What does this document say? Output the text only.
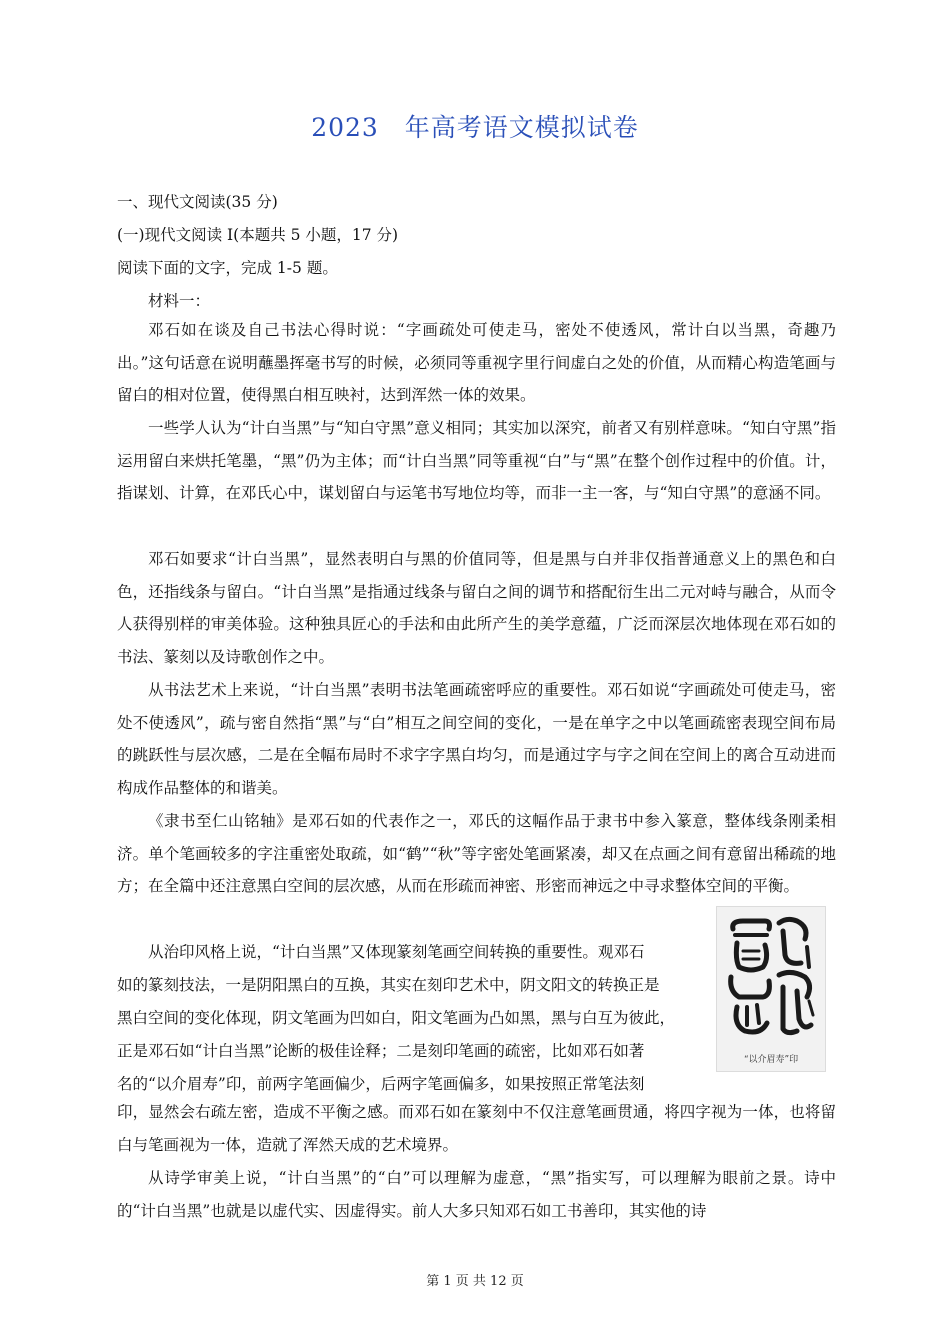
2023　年高考语文模拟试卷
一、现代文阅读(35 分)
(一)现代文阅读 I(本题共 5 小题，17 分)
阅读下面的文字，完成 1-5 题。
材料一：
邓石如在谈及自己书法心得时说：“字画疏处可使走马，密处不使透风，常计白以当黑，奇趣乃出。”这句话意在说明蘸墨挥毫书写的时候，必须同等重视字里行间虚白之处的价值，从而精心构造笔画与留白的相对位置，使得黑白相互映衬，达到浑然一体的效果。
一些学人认为“计白当黑”与“知白守黑”意义相同；其实加以深究，前者又有别样意味。“知白守黑”指运用留白来烘托笔墨，“黑”仍为主体；而“计白当黑”同等重视“白”与“黑”在整个创作过程中的价值。计，指谋划、计算，在邓氏心中，谋划留白与运笔书写地位均等，而非一主一客，与“知白守黑”的意涵不同。
邓石如要求“计白当黑”，显然表明白与黑的价值同等，但是黑与白并非仅指普通意义上的黑色和白色，还指线条与留白。“计白当黑”是指通过线条与留白之间的调节和搭配衍生出二元对峙与融合，从而令人获得别样的审美体验。这种独具匠心的手法和由此所产生的美学意蕴，广泛而深层次地体现在邓石如的书法、篆刻以及诗歌创作之中。
从书法艺术上来说，“计白当黑”表明书法笔画疏密呼应的重要性。邓石如说“字画疏处可使走马，密处不使透风”，疏与密自然指“黑”与“白”相互之间空间的变化，一是在单字之中以笔画疏密表现空间布局的跳跃性与层次感，二是在全幅布局时不求字字黑白均匀，而是通过字与字之间在空间上的离合互动进而构成作品整体的和谐美。
《隶书至仁山铭轴》是邓石如的代表作之一，邓氏的这幅作品于隶书中参入篆意，整体线条刚柔相济。单个笔画较多的字注重密处取疏，如“鹤”“秋”等字密处笔画紧凑，却又在点画之间有意留出稀疏的地方；在全篇中还注意黑白空间的层次感，从而在形疏而神密、形密而神远之中寻求整体空间的平衡。
从治印风格上说，“计白当黑”又体现篆刻笔画空间转换的重要性。观邓石
如的篆刻技法，一是阴阳黑白的互换，其实在刻印艺术中，阴文阳文的转换正是
黑白空间的变化体现，阴文笔画为凹如白，阳文笔画为凸如黑，黑与白互为彼此，
正是邓石如“计白当黑”论断的极佳诠释；二是刻印笔画的疏密，比如邓石如著
名的“以介眉寿”印，前两字笔画偏少，后两字笔画偏多，如果按照正常笔法刻
印，显然会右疏左密，造成不平衡之感。而邓石如在篆刻中不仅注意笔画贯通，将四字视为一体，也将留白与笔画视为一体，造就了浑然天成的艺术境界。
从诗学审美上说，“计白当黑”的“白”可以理解为虚意，“黑”指实写，可以理解为眼前之景。诗中的“计白当黑”也就是以虚代实、因虚得实。前人大多只知邓石如工书善印，其实他的诗
“以介眉寿”印
第 1 页 共 12 页
